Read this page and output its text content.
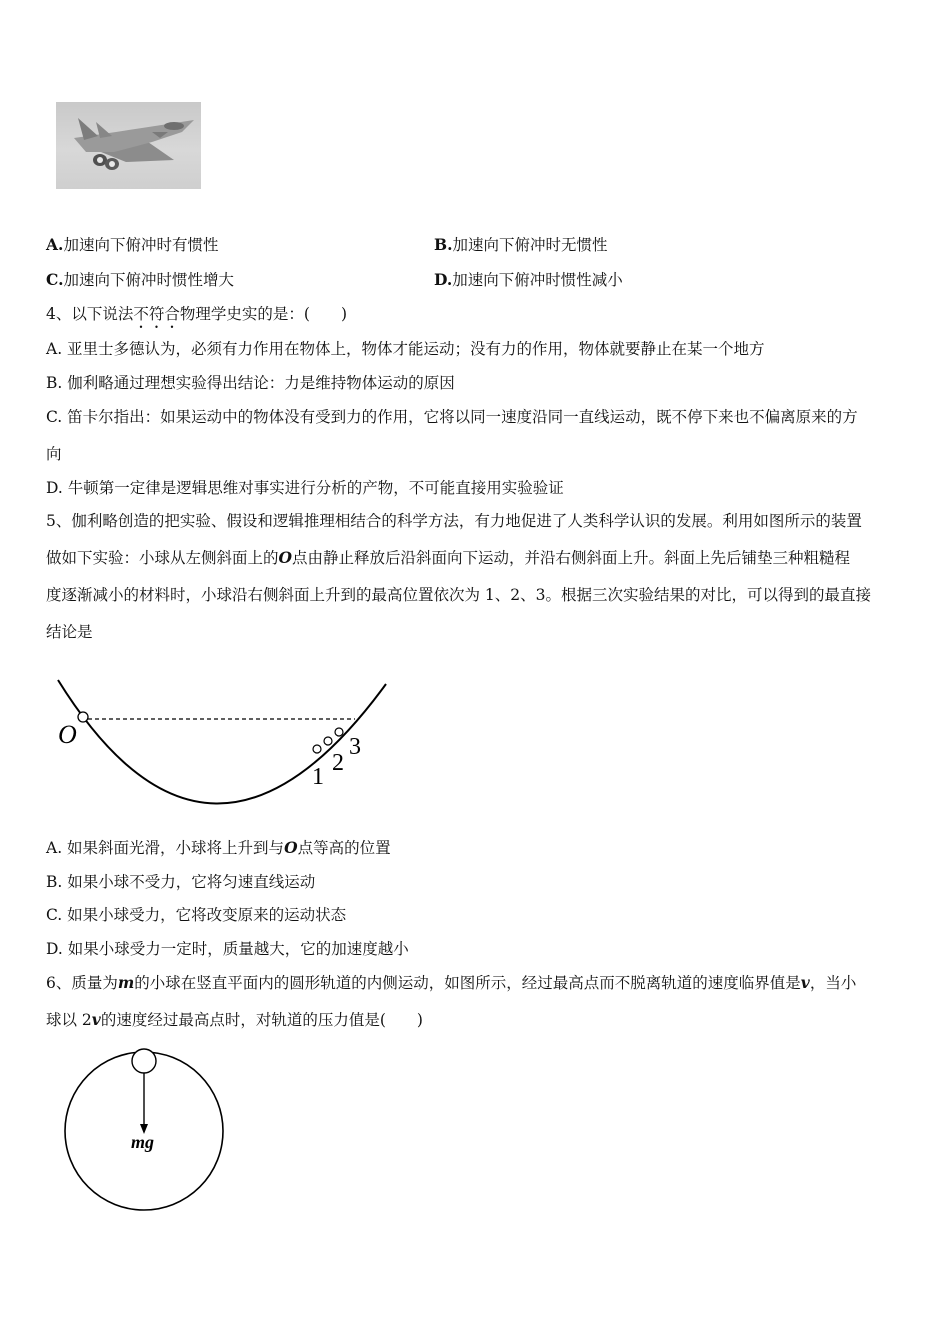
A.加速向下俯冲时有惯性	B.加速向下俯冲时无惯性
C.加速向下俯冲时惯性增大	D.加速向下俯冲时惯性减小
4、以下说法不符合物理学史实的是：(　　)
A. 亚里士多德认为，必须有力作用在物体上，物体才能运动；没有力的作用，物体就要静止在某一个地方
B. 伽利略通过理想实验得出结论：力是维持物体运动的原因
C. 笛卡尔指出：如果运动中的物体没有受到力的作用，它将以同一速度沿同一直线运动，既不停下来也不偏离原来的方
向
D. 牛顿第一定律是逻辑思维对事实进行分析的产物，不可能直接用实验验证
5、伽利略创造的把实验、假设和逻辑推理相结合的科学方法，有力地促进了人类科学认识的发展。利用如图所示的装置
做如下实验：小球从左侧斜面上的O点由静止释放后沿斜面向下运动，并沿右侧斜面上升。斜面上先后铺垫三种粗糙程
度逐渐减小的材料时，小球沿右侧斜面上升到的最高位置依次为 1、2、3。根据三次实验结果的对比，可以得到的最直接
结论是
O
1
2
3
A. 如果斜面光滑，小球将上升到与O点等高的位置
B. 如果小球不受力，它将匀速直线运动
C. 如果小球受力，它将改变原来的运动状态
D. 如果小球受力一定时，质量越大，它的加速度越小
6、质量为m的小球在竖直平面内的圆形轨道的内侧运动，如图所示，经过最高点而不脱离轨道的速度临界值是v，当小
球以 2v的速度经过最高点时，对轨道的压力值是(　　)
mg
